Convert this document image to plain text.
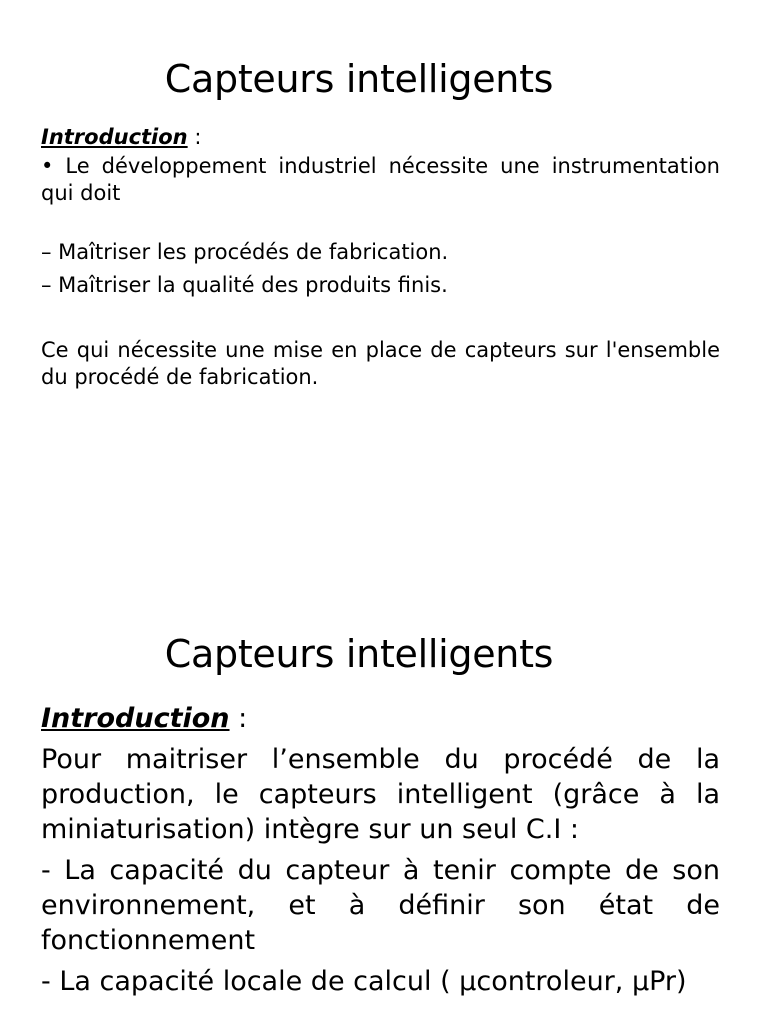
Capteurs intelligents

Introduction :

• Le développement industriel nécessite une instrumentation qui doit

– Maîtriser les procédés de fabrication.

– Maîtriser la qualité des produits finis.

Ce qui nécessite une mise en place de capteurs sur l'ensemble du procédé de fabrication.

Capteurs intelligents

Introduction :

Pour maitriser l’ensemble du procédé de la production, le capteurs intelligent (grâce à la miniaturisation) intègre sur un seul C.I :

- La capacité du capteur à tenir compte de son environnement, et à définir son état de fonctionnement

- La capacité locale de calcul ( µcontroleur, µPr)
